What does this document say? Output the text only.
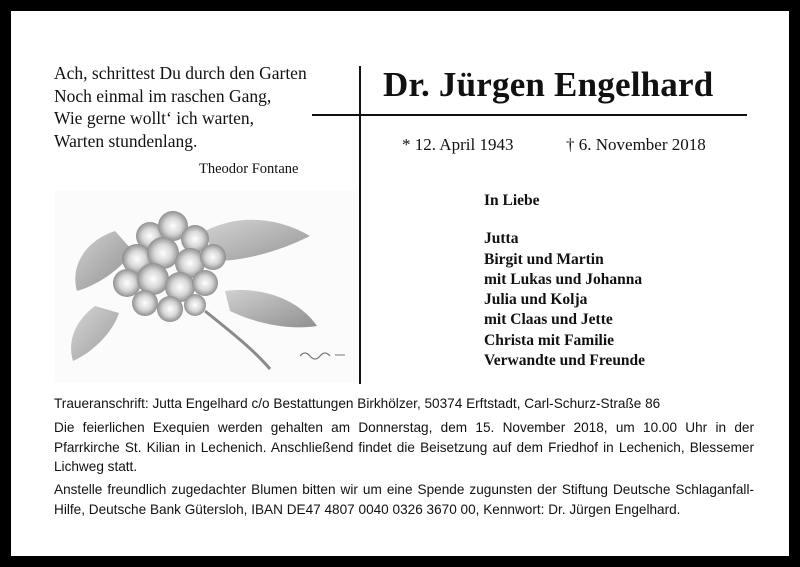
Ach, schrittest Du durch den Garten
Noch einmal im raschen Gang,
Wie gerne wollt‘ ich warten,
Warten stundenlang.
Theodor Fontane
Dr. Jürgen Engelhard
* 12. April 1943	† 6. November 2018
In Liebe
Jutta
Birgit und Martin
mit Lukas und Johanna
Julia und Kolja
mit Claas und Jette
Christa mit Familie
Verwandte und Freunde
Traueranschrift: Jutta Engelhard c/o Bestattungen Birkhölzer, 50374 Erftstadt, Carl-Schurz-Straße 86
Die feierlichen Exequien werden gehalten am Donnerstag, dem 15. November 2018, um 10.00 Uhr in der Pfarrkirche St. Kilian in Lechenich. Anschließend findet die Beisetzung auf dem Friedhof in Lechenich, Blessemer Lichweg statt.
Anstelle freundlich zugedachter Blumen bitten wir um eine Spende zugunsten der Stiftung Deutsche Schlaganfall-Hilfe, Deutsche Bank Gütersloh, IBAN DE47 4807 0040 0326 3670 00, Kennwort: Dr. Jürgen Engelhard.
